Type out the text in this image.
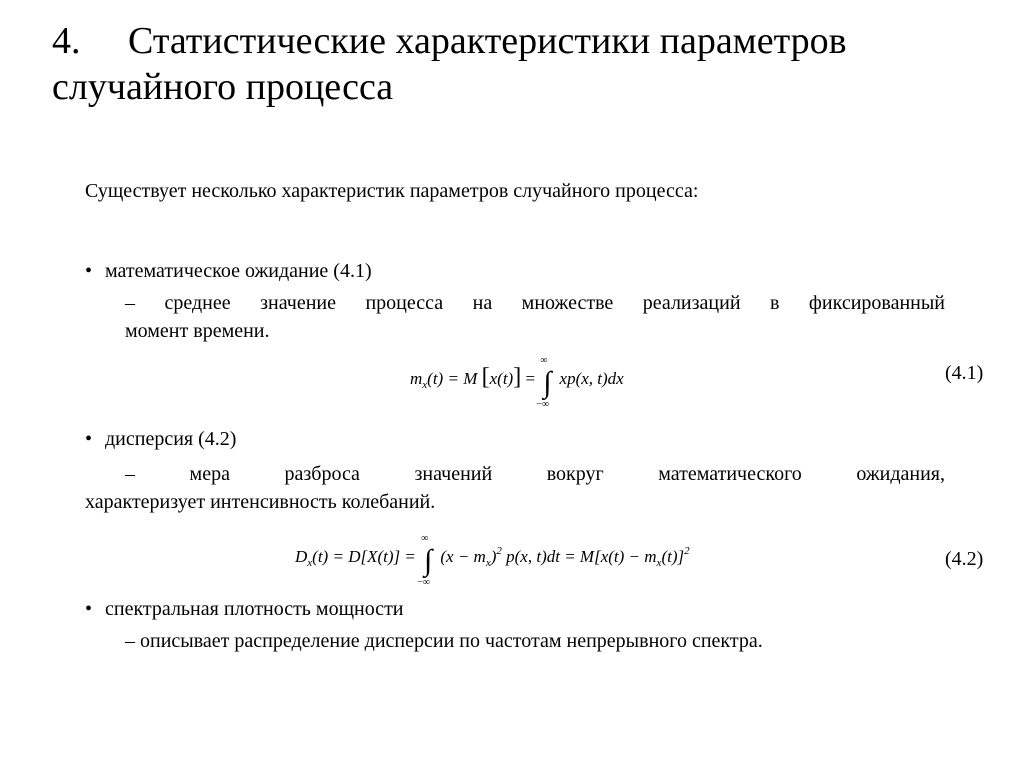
4. Статистические характеристики параметров
случайного процесса
Существует несколько характеристик параметров случайного процесса:
• математическое ожидание (4.1)
– среднее значение процесса на множестве реализаций в фиксированный
момент времени.
$m_x(t) = M$ [x(t)] = ∫
∞
−∞
xp(x, t)dx	(4.1)
• дисперсия (4.2)
– мера разброса значений вокруг математического ожидания,
характеризует интенсивность колебаний.
$D_x(t) = D[X(t)]$ = ∫
∞
−∞
$(x - m_x)^2$ p(x, $t)dt = M[x(t) - m_x(t)]^2$	(4.2)
• спектральная плотность мощности
– описывает распределение дисперсии по частотам непрерывного спектра.
